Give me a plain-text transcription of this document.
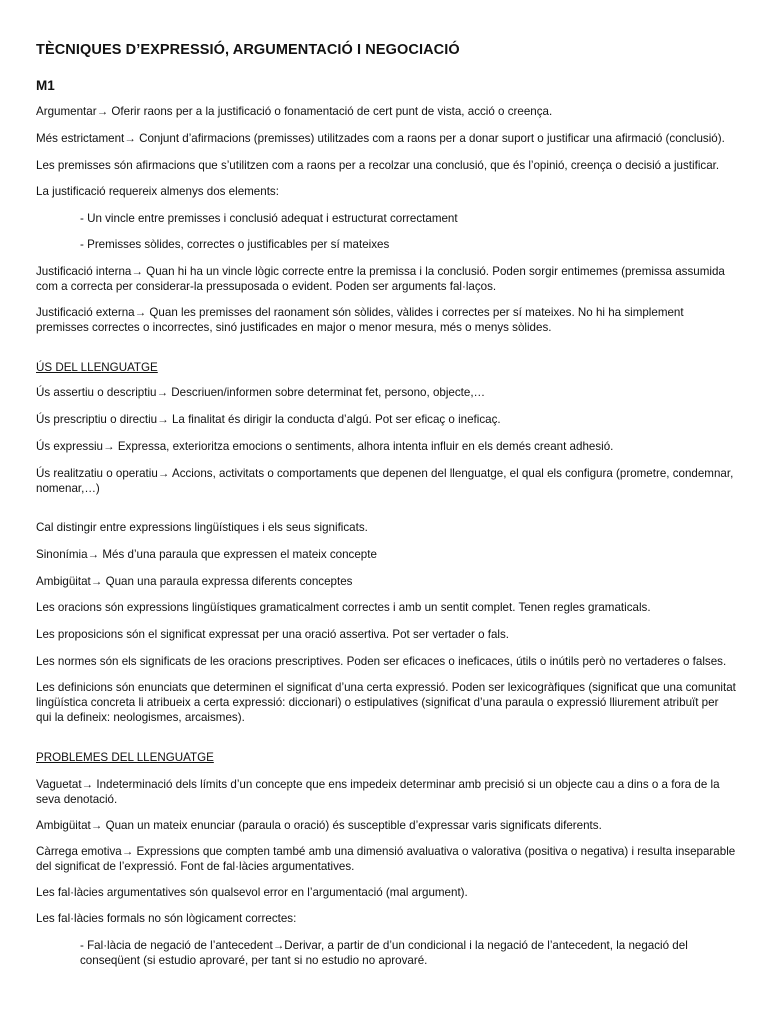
TÈCNIQUES D’EXPRESSIÓ, ARGUMENTACIÓ I NEGOCIACIÓ
M1
Argumentar→ Oferir raons per a la justificació o fonamentació de cert punt de vista, acció o creença.
Més estrictament→ Conjunt d’afirmacions (premisses) utilitzades com a raons per a donar suport o justificar una afirmació (conclusió).
Les premisses són afirmacions que s’utilitzen com a raons per a recolzar una conclusió, que és l’opinió, creença o decisió a justificar.
La justificació requereix almenys dos elements:
- Un vincle entre premisses i conclusió adequat i estructurat correctament
- Premisses sòlides, correctes o justificables per sí mateixes
Justificació interna→ Quan hi ha un vincle lògic correcte entre la premissa i la conclusió. Poden sorgir entimemes (premissa assumida com a correcta per considerar-la pressuposada o evident. Poden ser arguments fal·laços.
Justificació externa→ Quan les premisses del raonament són sòlides, vàlides i correctes per sí mateixes. No hi ha simplement premisses correctes o incorrectes, sinó justificades en major o menor mesura, més o menys sòlides.
ÚS DEL LLENGUATGE
Ús assertiu o descriptiu→ Descriuen/informen sobre determinat fet, persono, objecte,…
Ús prescriptiu o directiu→ La finalitat és dirigir la conducta d’algú. Pot ser eficaç o ineficaç.
Ús expressiu→ Expressa, exterioritza emocions o sentiments, alhora intenta influir en els demés creant adhesió.
Ús realitzatiu o operatiu→ Accions, activitats o comportaments que depenen del llenguatge, el qual els configura (prometre, condemnar, nomenar,…)
Cal distingir entre expressions lingüístiques i els seus significats.
Sinonímia→ Més d’una paraula que expressen el mateix concepte
Ambigüitat→ Quan una paraula expressa diferents conceptes
Les oracions són expressions lingüístiques gramaticalment correctes i amb un sentit complet. Tenen regles gramaticals.
Les proposicions són el significat expressat per una oració assertiva. Pot ser vertader o fals.
Les normes són els significats de les oracions prescriptives. Poden ser eficaces o ineficaces, útils o inútils però no vertaderes o falses.
Les definicions són enunciats que determinen el significat d’una certa expressió. Poden ser lexicogràfiques (significat que una comunitat lingüística concreta li atribueix a certa expressió: diccionari) o estipulatives (significat d’una paraula o expressió lliurement atribuït per qui la defineix: neologismes, arcaismes).
PROBLEMES DEL LLENGUATGE
Vaguetat→ Indeterminació dels límits d’un concepte que ens impedeix determinar amb precisió si un objecte cau a dins o a fora de la seva denotació.
Ambigüitat→ Quan un mateix enunciar (paraula o oració) és susceptible d’expressar varis significats diferents.
Càrrega emotiva→ Expressions que compten també amb una dimensió avaluativa o valorativa (positiva o negativa) i resulta inseparable del significat de l’expressió. Font de fal·làcies argumentatives.
Les fal·làcies argumentatives són qualsevol error en l’argumentació (mal argument).
Les fal·làcies formals no són lògicament correctes:
- Fal·làcia de negació de l’antecedent→Derivar, a partir de d’un condicional i la negació de l’antecedent, la negació del conseqüent (si estudio aprovaré, per tant si no estudio no aprovaré.
